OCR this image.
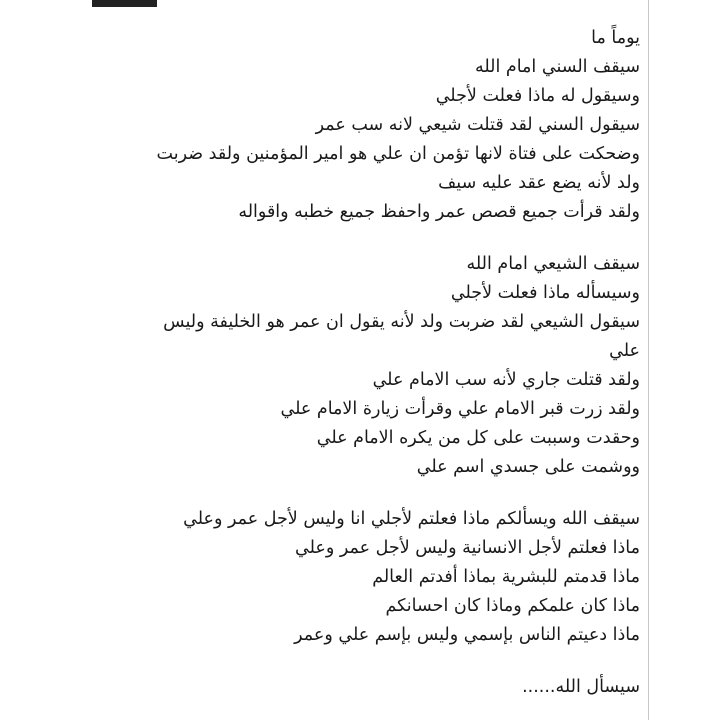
يوماً ما
سيقف السني امام الله
وسيقول له ماذا فعلت لأجلي
سيقول السني لقد قتلت شيعي لانه سب عمر
وضحكت على فتاة لانها تؤمن ان علي هو امير المؤمنين ولقد ضربت
ولد لأنه يضع عقد عليه سيف
ولقد قرأت جميع قصص عمر واحفظ جميع خطبه واقواله
سيقف الشيعي امام الله
وسيسأله ماذا فعلت لأجلي
سيقول الشيعي لقد ضربت ولد لأنه يقول ان عمر هو الخليفة وليس
علي
ولقد قتلت جاري لأنه سب الامام علي
ولقد زرت قبر الامام علي وقرأت زيارة الامام علي
وحقدت وسببت على كل من يكره الامام علي
ووشمت على جسدي اسم علي
سيقف الله ويسألكم ماذا فعلتم لأجلي انا وليس لأجل عمر وعلي
ماذا فعلتم لأجل الانسانية وليس لأجل عمر وعلي
ماذا قدمتم للبشرية بماذا أفدتم العالم
ماذا كان علمكم وماذا كان احسانكم
ماذا دعيتم الناس بإسمي وليس بإسم علي وعمر
سيسأل الله......
